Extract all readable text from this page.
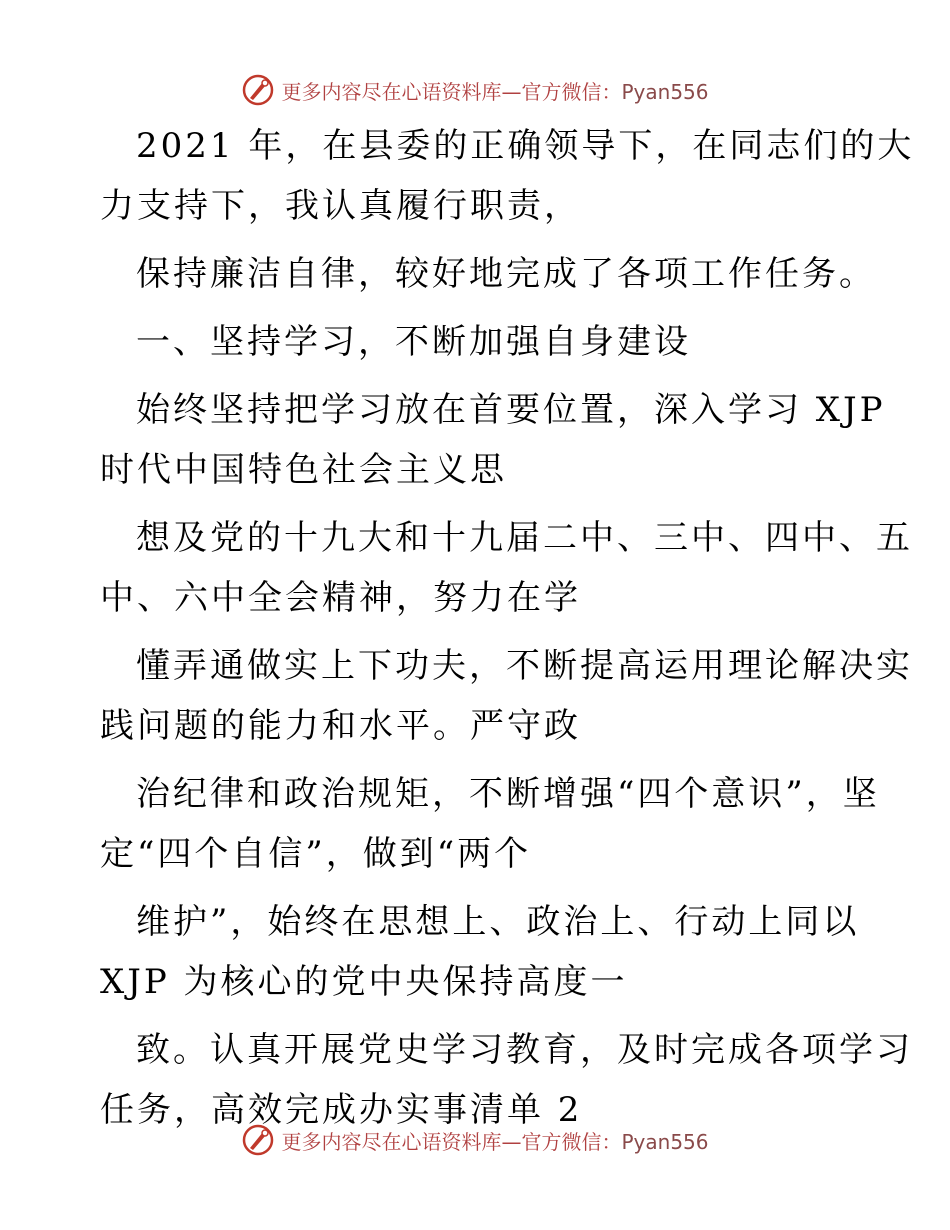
更多内容尽在心语资料库—官方微信：Pyan556
2021 年，在县委的正确领导下，在同志们的大
力支持下，我认真履行职责，
保持廉洁自律，较好地完成了各项工作任务。
一、坚持学习，不断加强自身建设
始终坚持把学习放在首要位置，深入学习 XJP
时代中国特色社会主义思
想及党的十九大和十九届二中、三中、四中、五
中、六中全会精神，努力在学
懂弄通做实上下功夫，不断提高运用理论解决实
践问题的能力和水平。严守政
治纪律和政治规矩，不断增强“四个意识”，坚
定“四个自信”，做到“两个
维护”，始终在思想上、政治上、行动上同以
XJP 为核心的党中央保持高度一
致。认真开展党史学习教育，及时完成各项学习
任务，高效完成办实事清单 2
更多内容尽在心语资料库—官方微信：Pyan556
